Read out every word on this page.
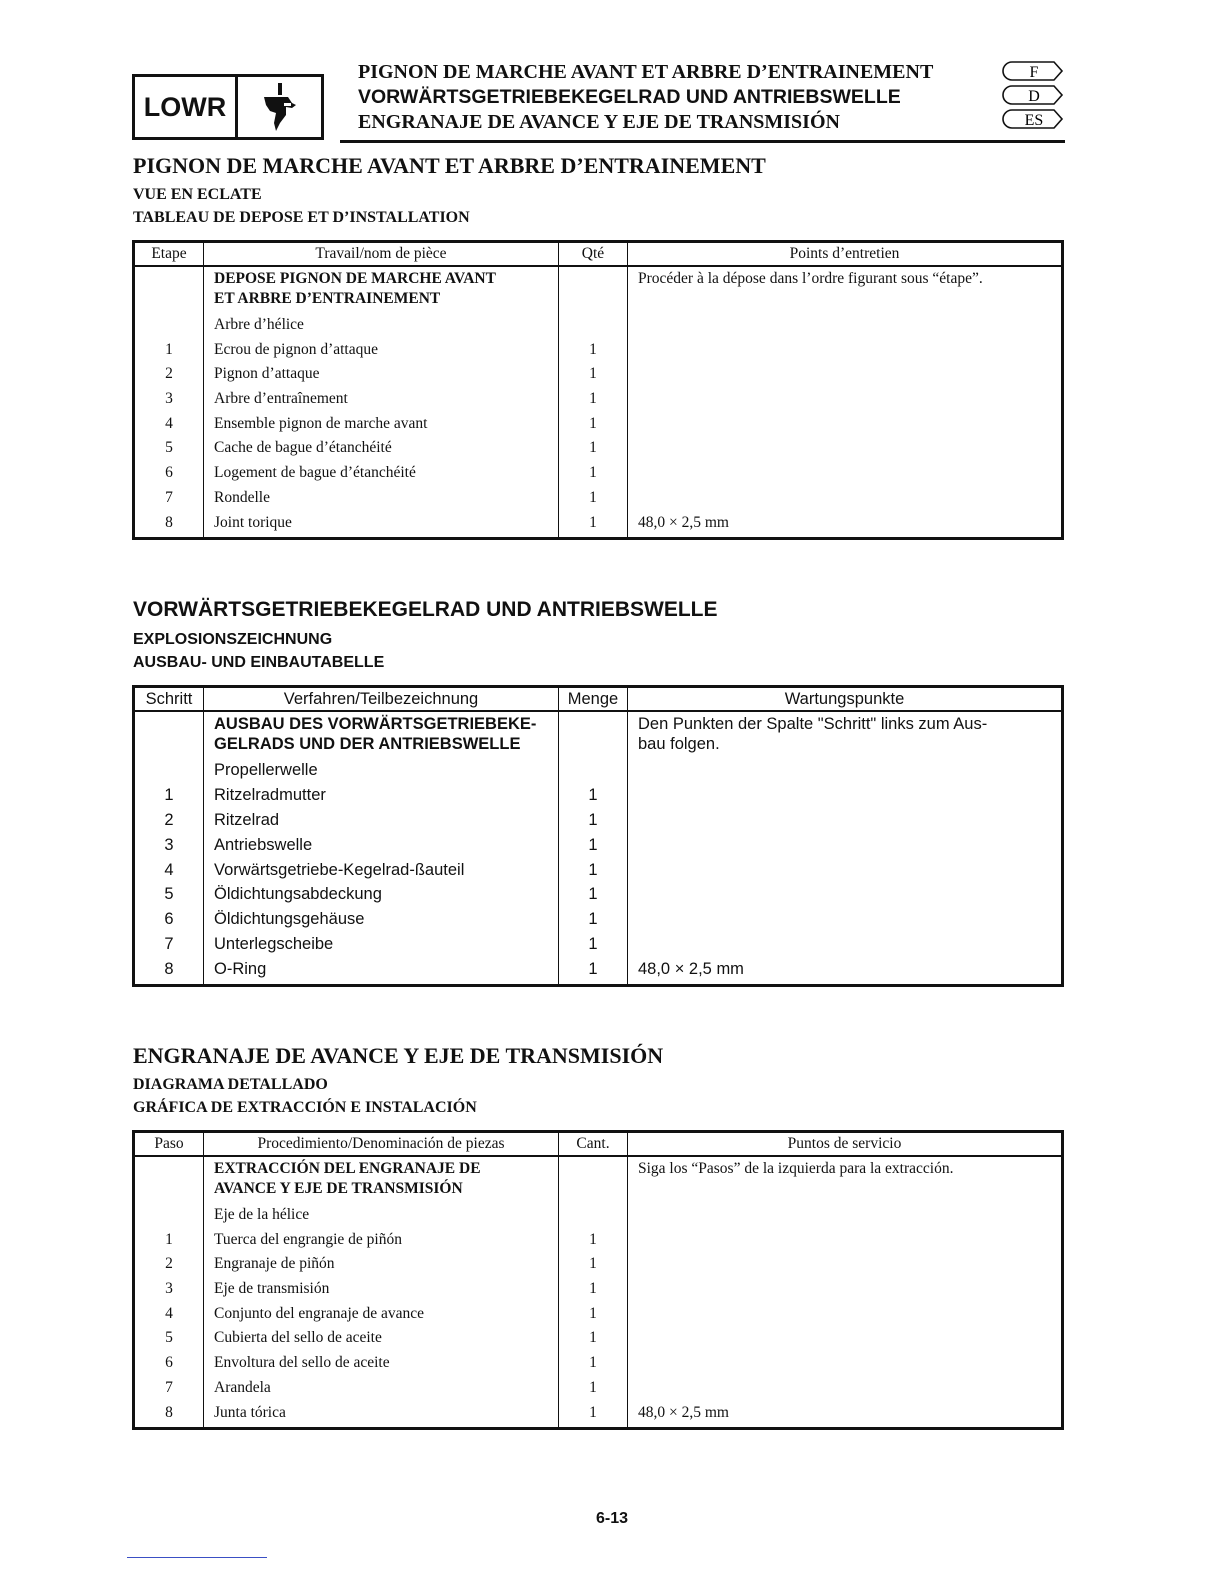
LOWR
PIGNON DE MARCHE AVANT ET ARBRE D’ENTRAINEMENT
VORWÄRTSGETRIEBEKEGELRAD UND ANTRIEBSWELLE
ENGRANAJE DE AVANCE Y EJE DE TRANSMISIÓN
F
D
ES
PIGNON DE MARCHE AVANT ET ARBRE D’ENTRAINEMENT
VUE EN ECLATE
TABLEAU DE DEPOSE ET D’INSTALLATION
Etape	Travail/nom de pièce	Qté	Points d’entretien
	DEPOSE PIGNON DE MARCHE AVANT
ET ARBRE D’ENTRAINEMENT		Procéder à la dépose dans l’ordre figurant sous “étape”.
	Arbre d’hélice		
1	Ecrou de pignon d’attaque	1	
2	Pignon d’attaque	1	
3	Arbre d’entraînement	1	
4	Ensemble pignon de marche avant	1	
5	Cache de bague d’étanchéité	1	
6	Logement de bague d’étanchéité	1	
7	Rondelle	1	
8	Joint torique	1	48,0 × 2,5 mm
VORWÄRTSGETRIEBEKEGELRAD UND ANTRIEBSWELLE
EXPLOSIONSZEICHNUNG
AUSBAU- UND EINBAUTABELLE
Schritt	Verfahren/Teilbezeichnung	Menge	Wartungspunkte
	AUSBAU DES VORWÄRTSGETRIEBEKE-
GELRADS UND DER ANTRIEBSWELLE		Den Punkten der Spalte "Schritt" links zum Aus-
bau folgen.
	Propellerwelle		
1	Ritzelradmutter	1	
2	Ritzelrad	1	
3	Antriebswelle	1	
4	Vorwärtsgetriebe-Kegelrad-ßauteil	1	
5	Öldichtungsabdeckung	1	
6	Öldichtungsgehäuse	1	
7	Unterlegscheibe	1	
8	O-Ring	1	48,0 × 2,5 mm
ENGRANAJE DE AVANCE Y EJE DE TRANSMISIÓN
DIAGRAMA DETALLADO
GRÁFICA DE EXTRACCIÓN E INSTALACIÓN
Paso	Procedimiento/Denominación de piezas	Cant.	Puntos de servicio
	EXTRACCIÓN DEL ENGRANAJE DE
AVANCE Y EJE DE TRANSMISIÓN		Siga los “Pasos” de la izquierda para la extracción.
	Eje de la hélice		
1	Tuerca del engrangie de piñón	1	
2	Engranaje de piñón	1	
3	Eje de transmisión	1	
4	Conjunto del engranaje de avance	1	
5	Cubierta del sello de aceite	1	
6	Envoltura del sello de aceite	1	
7	Arandela	1	
8	Junta tórica	1	48,0 × 2,5 mm
6-13
